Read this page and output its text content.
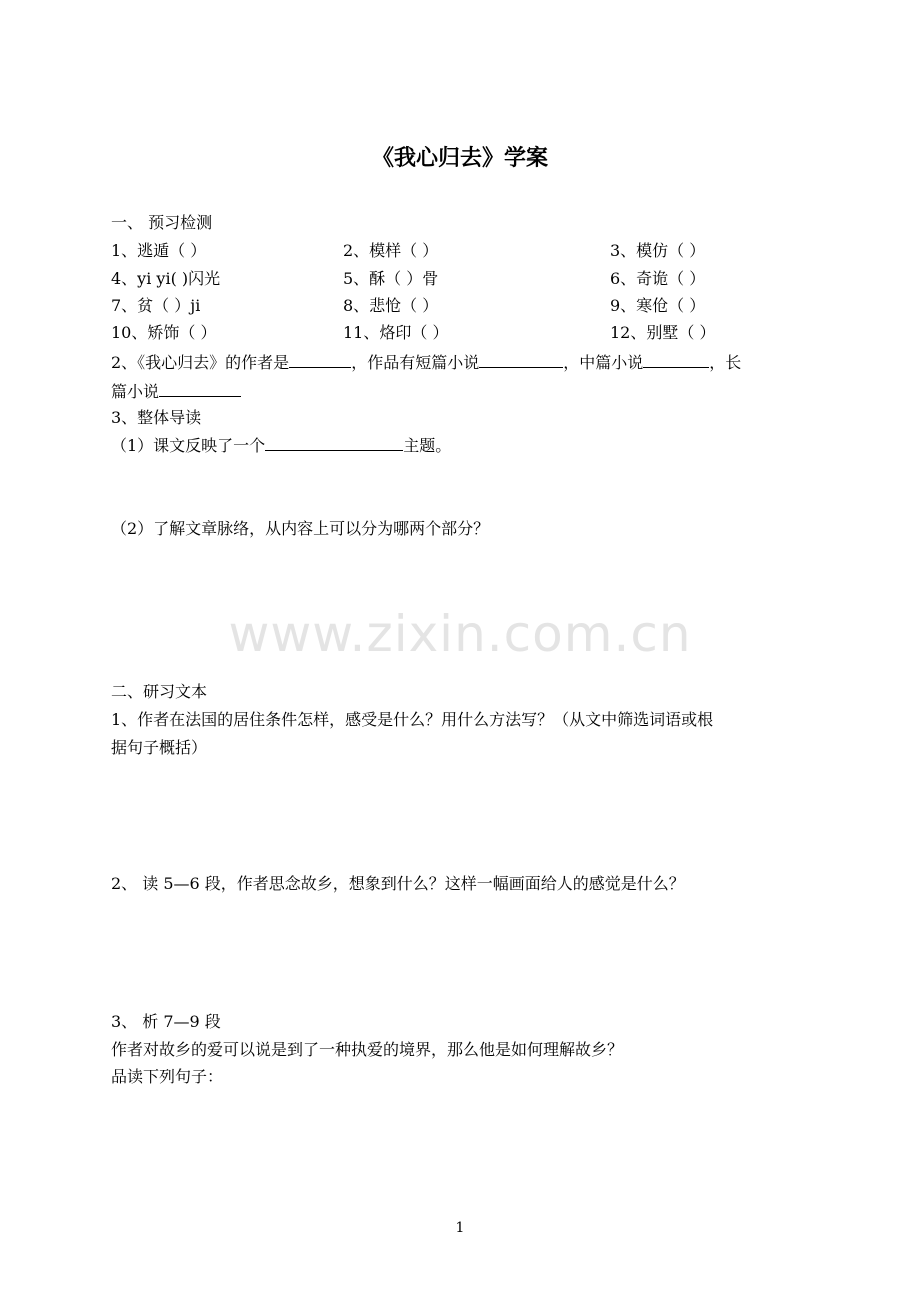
《我心归去》学案
一、 预习检测
1、逃遁（ ）	2、模样（ ）	3、模仿（ ）
4、yi yi( )闪光	5、酥（ ）骨	6、奇诡（ ）
7、贫（ ）ji	8、悲怆（ ）	9、寒伧（ ）
10、矫饰（ ）	11、烙印（ ）	12、别墅（ ）
2、《我心归去》的作者是	，作品有短篇小说	，中篇小说	，长
篇小说
3、整体导读
（1）课文反映了一个	主题。
（2）了解文章脉络，从内容上可以分为哪两个部分？
www.zixin.com.cn
二、研习文本
1、作者在法国的居住条件怎样，感受是什么？用什么方法写？（从文中筛选词语或根
据句子概括）
2、 读 5—6 段，作者思念故乡，想象到什么？这样一幅画面给人的感觉是什么？
3、 析 7—9 段
作者对故乡的爱可以说是到了一种执爱的境界，那么他是如何理解故乡？
品读下列句子：
1
